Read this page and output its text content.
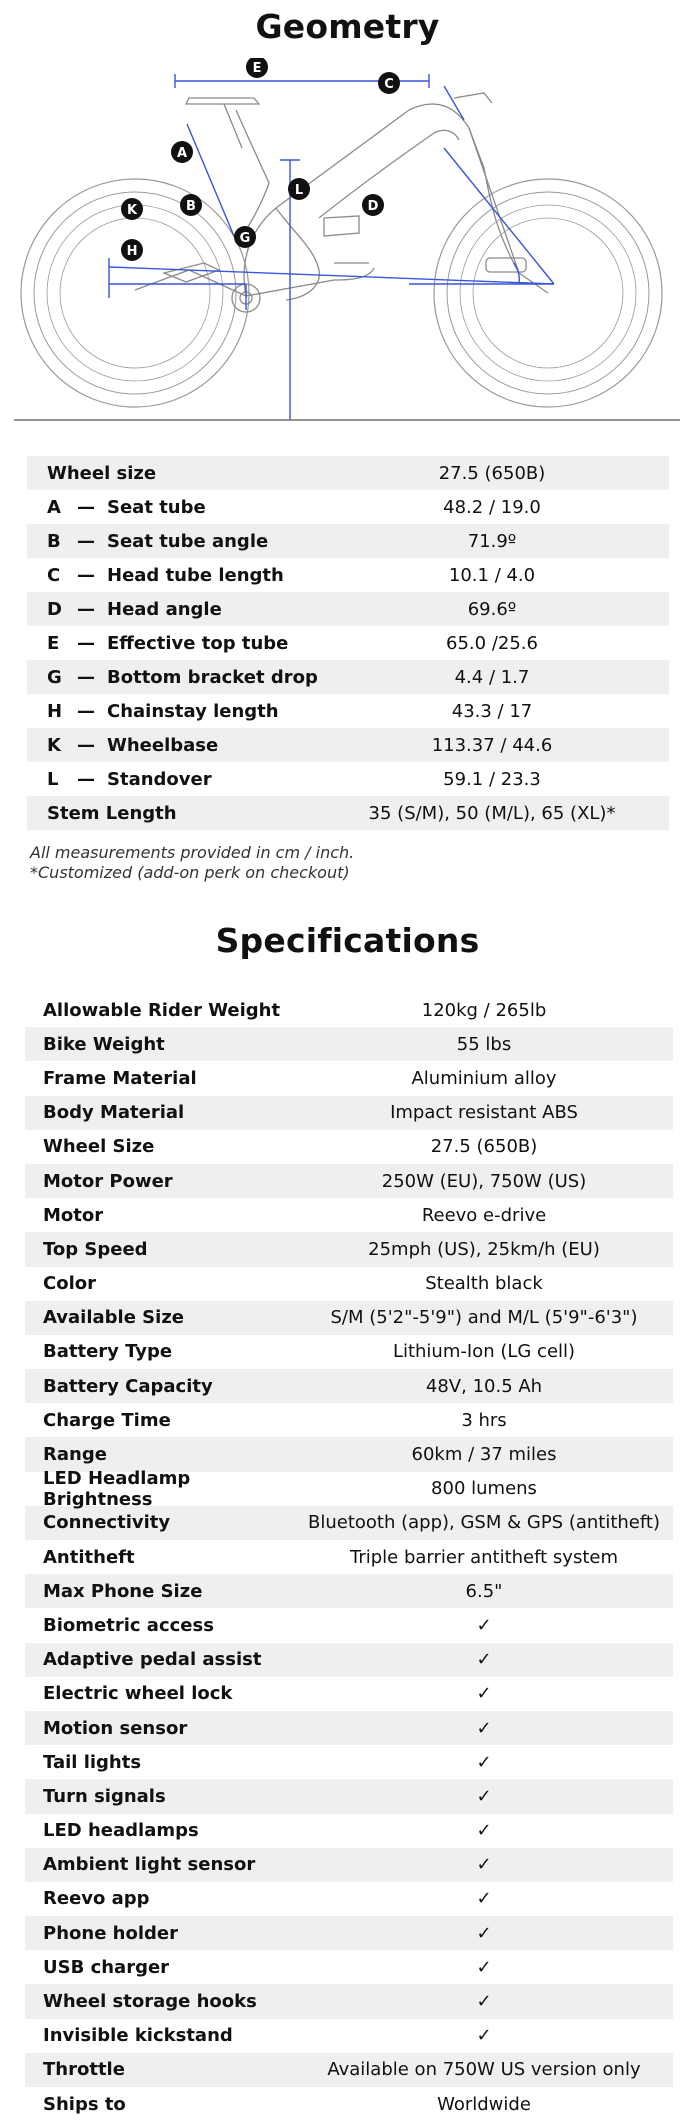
Geometry
E
C
A
L
B	D
K
G
H
Wheel size	27.5 (650B)
A — Seat tube	48.2 / 19.0
B — Seat tube angle	71.9º
C — Head tube length	10.1 / 4.0
D — Head angle	69.6º
E — Effective top tube	65.0 /25.6
G — Bottom bracket drop	4.4 / 1.7
H — Chainstay length	43.3 / 17
K — Wheelbase	113.37 / 44.6
L	— Standover	59.1 / 23.3
Stem Length	35 (S/M), 50 (M/L), 65 (XL)*
All measurements provided in cm / inch.
*Customized (add-on perk on checkout)
Specifications
Allowable Rider Weight	120kg / 265lb
Bike Weight	55 lbs
Frame Material	Aluminium alloy
Body Material	Impact resistant ABS
Wheel Size	27.5 (650B)
Motor Power	250W (EU), 750W (US)
Motor	Reevo e-drive
Top Speed	25mph (US), 25km/h (EU)
Color	Stealth black
Available Size	S/M (5'2"-5'9") and M/L (5'9"-6'3")
Battery Type	Lithium-Ion (LG cell)
Battery Capacity	48V, 10.5 Ah
Charge Time	3 hrs
Range	60km / 37 miles
LED Headlamp Brightness	800 lumens
Connectivity	Bluetooth (app), GSM & GPS (antitheft)
Antitheft	Triple barrier antitheft system
Max Phone Size	6.5"
Biometric access	✓
Adaptive pedal assist	✓
Electric wheel lock	✓
Motion sensor	✓
Tail lights	✓
Turn signals	✓
LED headlamps	✓
Ambient light sensor	✓
Reevo app	✓
Phone holder	✓
USB charger	✓
Wheel storage hooks	✓
Invisible kickstand	✓
Throttle	Available on 750W US version only
Ships to	Worldwide
